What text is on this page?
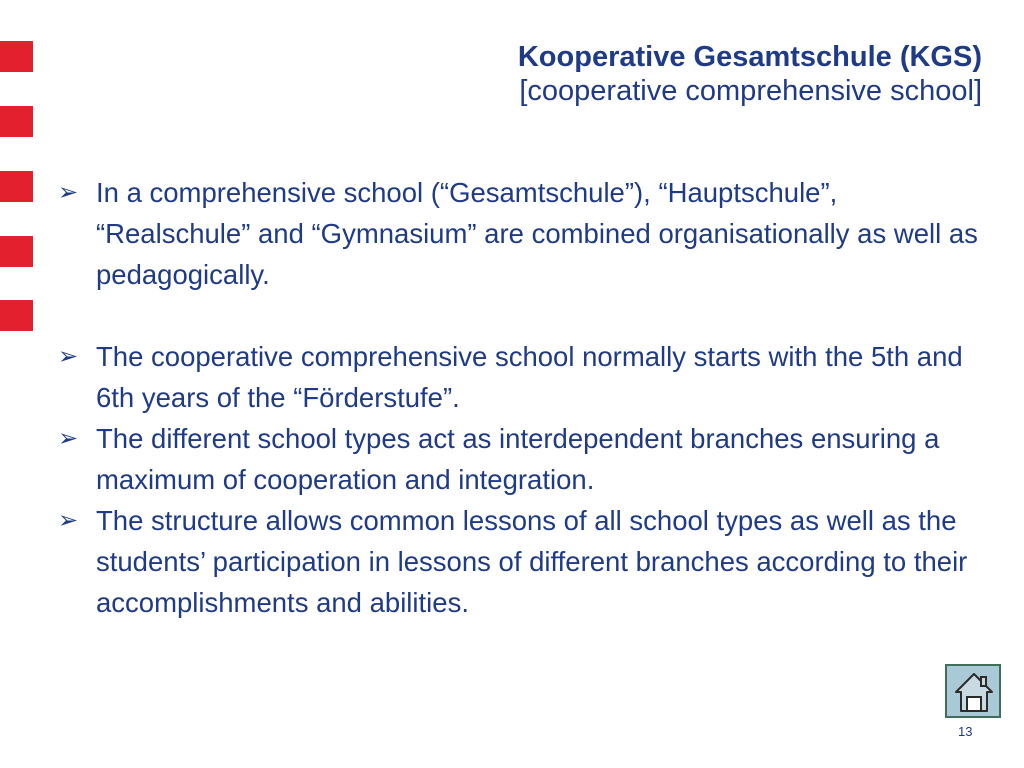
Kooperative Gesamtschule (KGS)
[cooperative comprehensive school]
➢ In a comprehensive school (“Gesamtschule”), “Hauptschule”, “Realschule” and “Gymnasium” are combined organisationally as well as pedagogically.
➢ The cooperative comprehensive school normally starts with the 5th and 6th years of the “Förderstufe”.
➢ The different school types act as interdependent branches ensuring a maximum of cooperation and integration.
➢ The structure allows common lessons of all school types as well as the students’ participation in lessons of different branches according to their accomplishments and abilities.
13
